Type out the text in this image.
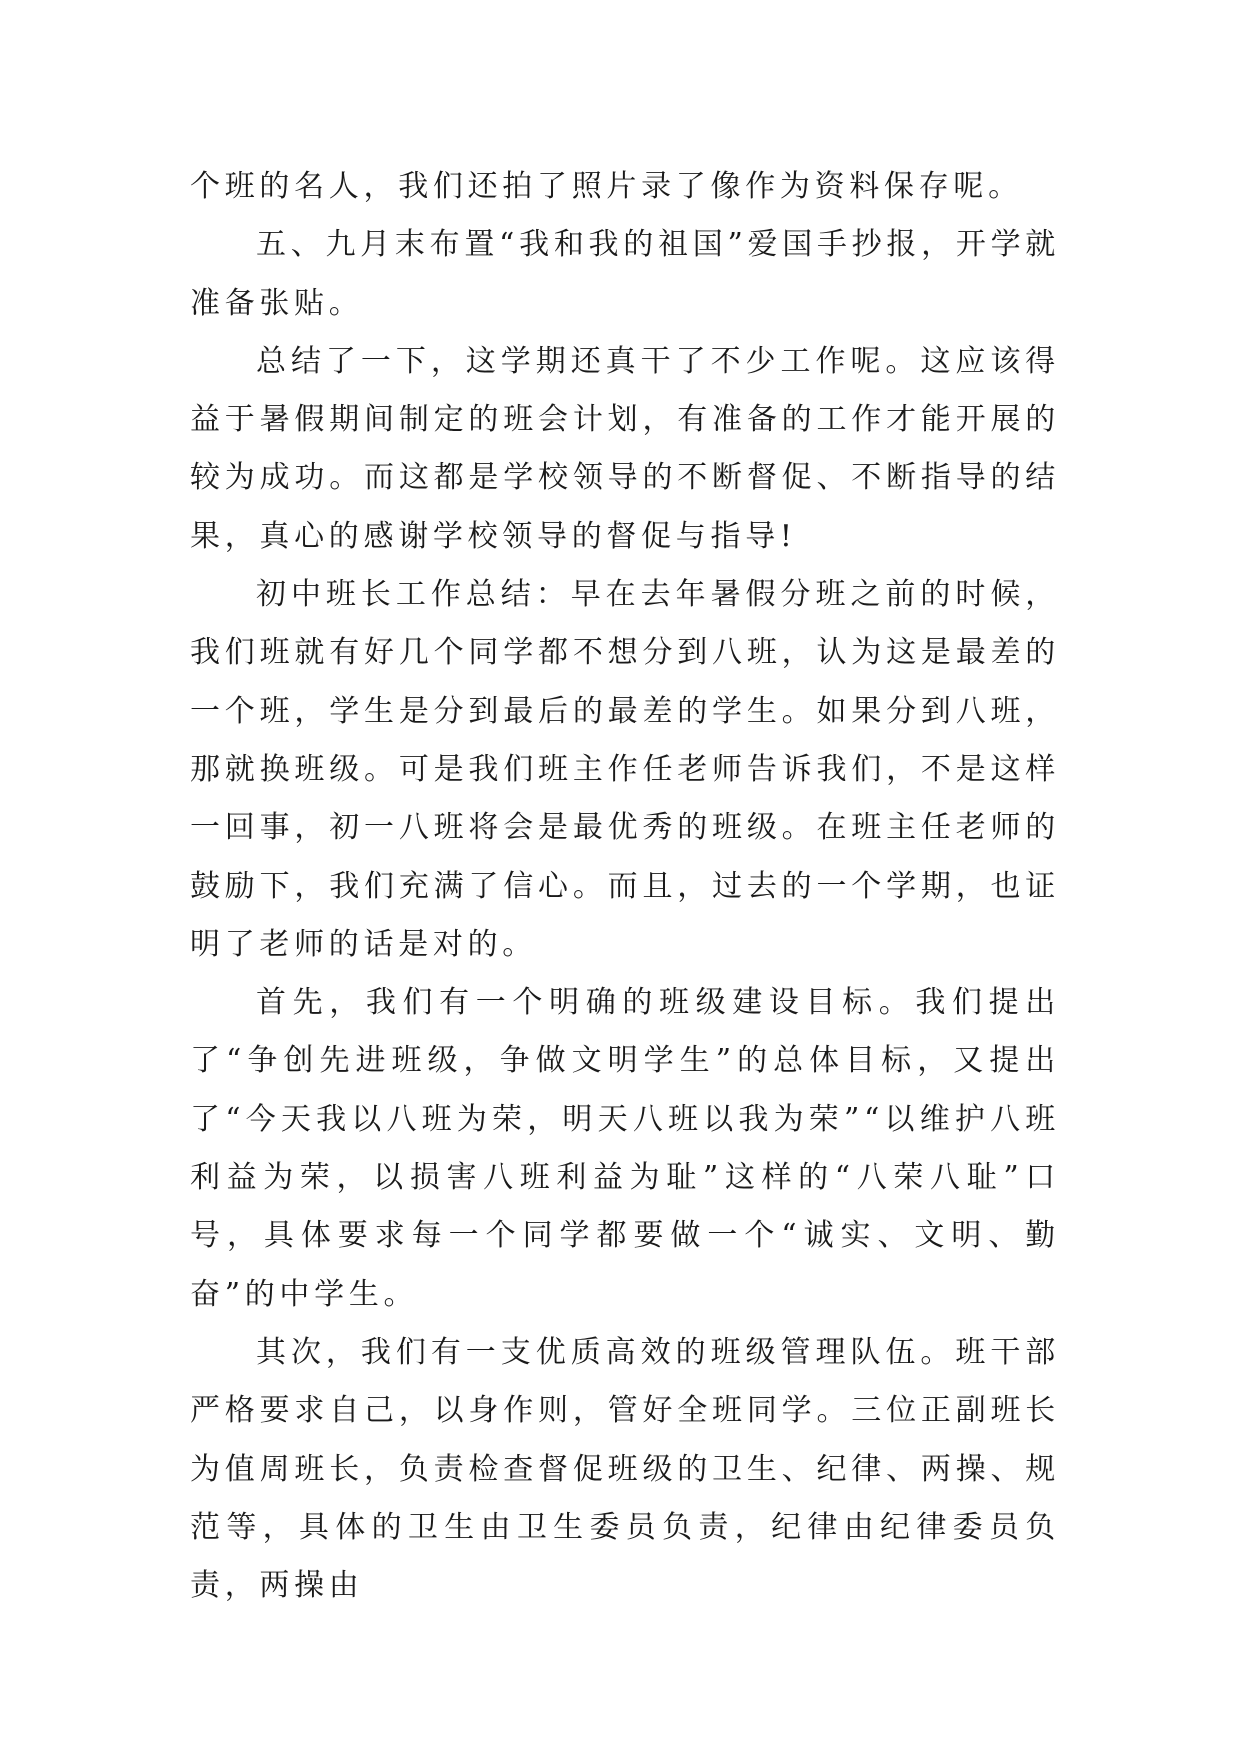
个班的名人，我们还拍了照片录了像作为资料保存呢。

五、九月末布置“我和我的祖国”爱国手抄报，开学就准备张贴。

总结了一下，这学期还真干了不少工作呢。这应该得益于暑假期间制定的班会计划，有准备的工作才能开展的较为成功。而这都是学校领导的不断督促、不断指导的结果，真心的感谢学校领导的督促与指导!

初中班长工作总结：早在去年暑假分班之前的时候，我们班就有好几个同学都不想分到八班，认为这是最差的一个班，学生是分到最后的最差的学生。如果分到八班，那就换班级。可是我们班主作任老师告诉我们，不是这样一回事，初一八班将会是最优秀的班级。在班主任老师的鼓励下，我们充满了信心。而且，过去的一个学期，也证明了老师的话是对的。

首先，我们有一个明确的班级建设目标。我们提出了“争创先进班级，争做文明学生”的总体目标，又提出了“今天我以八班为荣，明天八班以我为荣”“以维护八班利益为荣，以损害八班利益为耻”这样的“八荣八耻”口号，具体要求每一个同学都要做一个“诚实、文明、勤奋”的中学生。

其次，我们有一支优质高效的班级管理队伍。班干部严格要求自己，以身作则，管好全班同学。三位正副班长为值周班长，负责检查督促班级的卫生、纪律、两操、规范等，具体的卫生由卫生委员负责，纪律由纪律委员负责，两操由
